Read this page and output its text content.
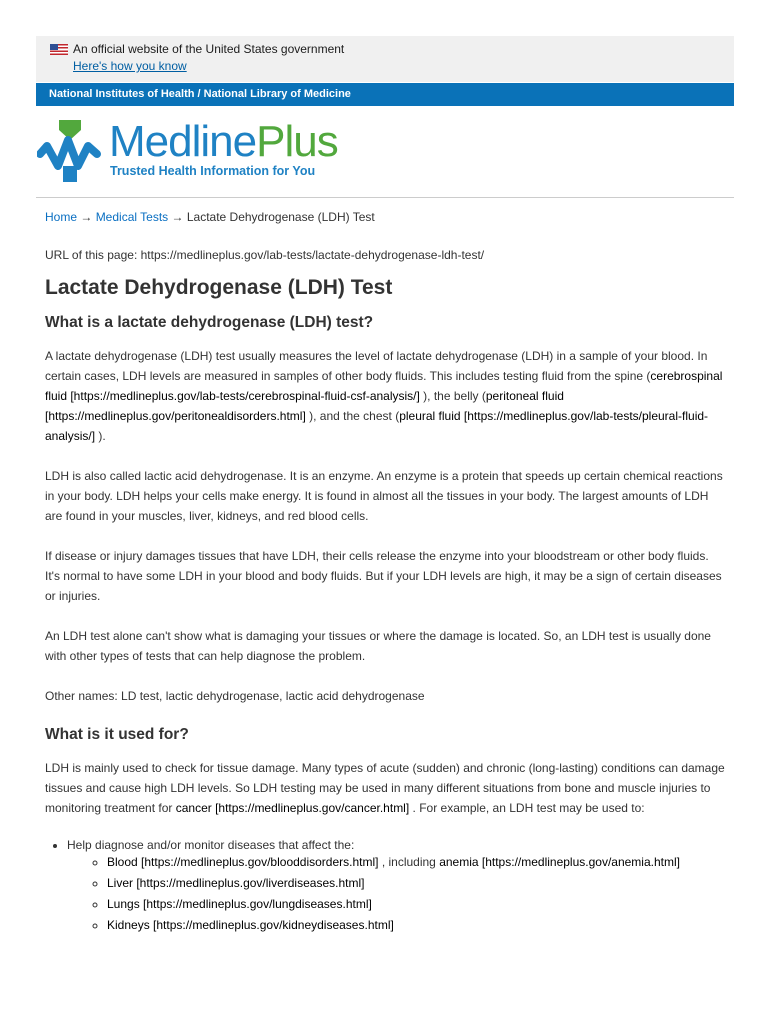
An official website of the United States government
Here's how you know
National Institutes of Health / National Library of Medicine
MedlinePlus
Trusted Health Information for You
Home → Medical Tests → Lactate Dehydrogenase (LDH) Test
URL of this page: https://medlineplus.gov/lab-tests/lactate-dehydrogenase-ldh-test/
Lactate Dehydrogenase (LDH) Test
What is a lactate dehydrogenase (LDH) test?

A lactate dehydrogenase (LDH) test usually measures the level of lactate dehydrogenase (LDH) in a sample of your blood. In certain cases, LDH levels are measured in samples of other body fluids. This includes testing fluid from the spine (cerebrospinal fluid [https://medlineplus.gov/lab-tests/cerebrospinal-fluid-csf-analysis/] ), the belly (peritoneal fluid [https://medlineplus.gov/peritonealdisorders.html] ), and the chest (pleural fluid [https://medlineplus.gov/lab-tests/pleural-fluid-analysis/] ).

LDH is also called lactic acid dehydrogenase. It is an enzyme. An enzyme is a protein that speeds up certain chemical reactions in your body. LDH helps your cells make energy. It is found in almost all the tissues in your body. The largest amounts of LDH are found in your muscles, liver, kidneys, and red blood cells.

If disease or injury damages tissues that have LDH, their cells release the enzyme into your bloodstream or other body fluids. It's normal to have some LDH in your blood and body fluids. But if your LDH levels are high, it may be a sign of certain diseases or injuries.

An LDH test alone can't show what is damaging your tissues or where the damage is located. So, an LDH test is usually done with other types of tests that can help diagnose the problem.

Other names: LD test, lactic dehydrogenase, lactic acid dehydrogenase

What is it used for?

LDH is mainly used to check for tissue damage. Many types of acute (sudden) and chronic (long-lasting) conditions can damage tissues and cause high LDH levels. So LDH testing may be used in many different situations from bone and muscle injuries to monitoring treatment for cancer [https://medlineplus.gov/cancer.html] . For example, an LDH test may be used to:

• Help diagnose and/or monitor diseases that affect the:
◦ Blood [https://medlineplus.gov/blooddisorders.html] , including anemia [https://medlineplus.gov/anemia.html]
◦ Liver [https://medlineplus.gov/liverdiseases.html]
◦ Lungs [https://medlineplus.gov/lungdiseases.html]
◦ Kidneys [https://medlineplus.gov/kidneydiseases.html]
